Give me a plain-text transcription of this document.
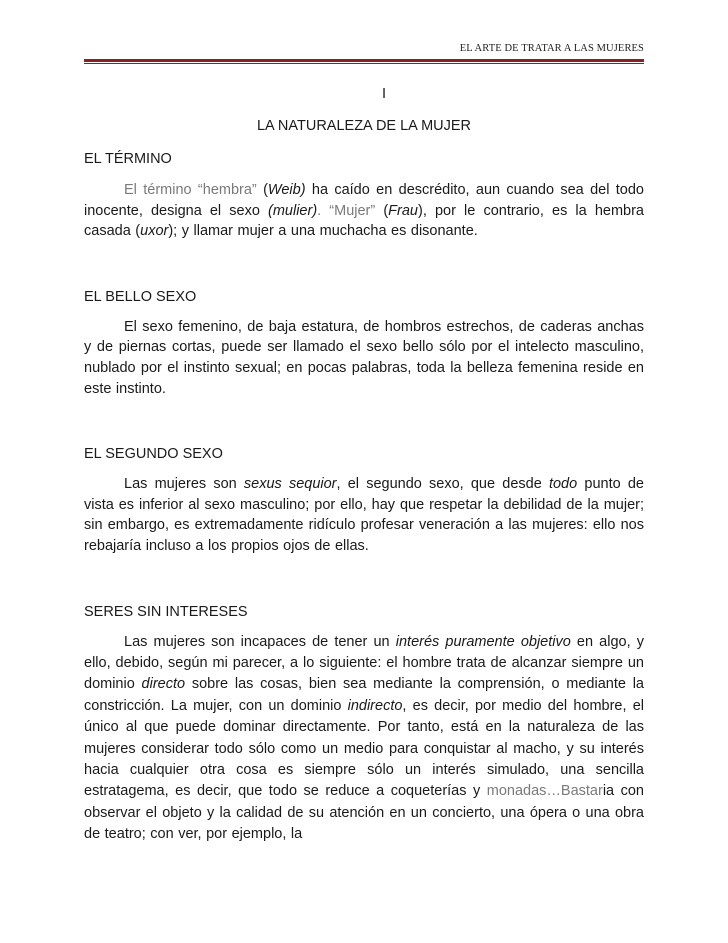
EL ARTE DE TRATAR A LAS MUJERES

I

LA NATURALEZA DE LA MUJER

EL TÉRMINO

El término “hembra” (Weib) ha caído en descrédito, aun cuando sea del todo inocente, designa el sexo (mulier). “Mujer” (Frau), por le contrario, es la hembra casada (uxor); y llamar mujer a una muchacha es disonante.

EL BELLO SEXO

El sexo femenino, de baja estatura, de hombros estrechos, de caderas anchas y de piernas cortas, puede ser llamado el sexo bello sólo por el intelecto masculino, nublado por el instinto sexual; en pocas palabras, toda la belleza femenina reside en este instinto.

EL SEGUNDO SEXO

Las mujeres son sexus sequior, el segundo sexo, que desde todo punto de vista es inferior al sexo masculino; por ello, hay que respetar la debilidad de la mujer; sin embargo, es extremadamente ridículo profesar veneración a las mujeres: ello nos rebajaría incluso a los propios ojos de ellas.

SERES SIN INTERESES

Las mujeres son incapaces de tener un interés puramente objetivo en algo, y ello, debido, según mi parecer, a lo siguiente: el hombre trata de alcanzar siempre un dominio directo sobre las cosas, bien sea mediante la comprensión, o mediante la constricción. La mujer, con un dominio indirecto, es decir, por medio del hombre, el único al que puede dominar directamente. Por tanto, está en la naturaleza de las mujeres considerar todo sólo como un medio para conquistar al macho, y su interés hacia cualquier otra cosa es siempre sólo un interés simulado, una sencilla estratagema, es decir, que todo se reduce a coqueterías y monadas…Bastaria con observar el objeto y la calidad de su atención en un concierto, una ópera o una obra de teatro; con ver, por ejemplo, la
